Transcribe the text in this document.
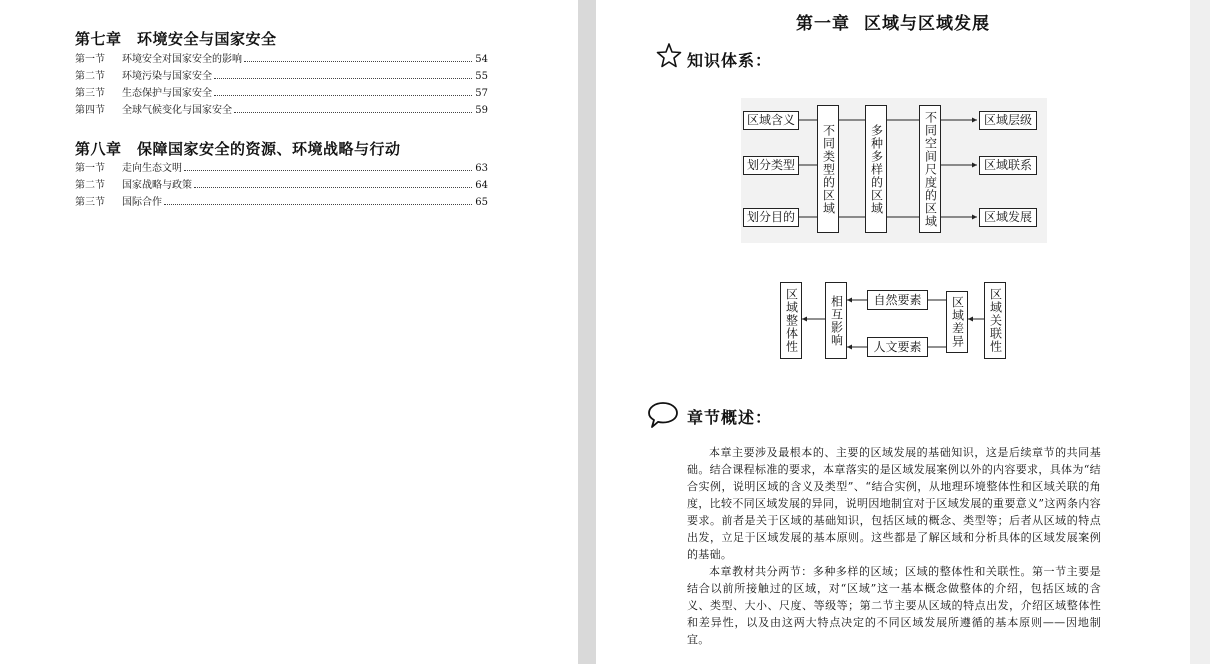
第七章　环境安全与国家安全
第一节	环境安全对国家安全的影响	54
第二节	环境污染与国家安全	55
第三节	生态保护与国家安全	57
第四节	全球气候变化与国家安全	59
第八章　保障国家安全的资源、环境战略与行动
第一节	走向生态文明	63
第二节	国家战略与政策	64
第三节	国际合作	65
第一章 区域与区域发展
知识体系：
区域含义
划分类型
划分目的
不同类型的区域	多种多样的区域	不同空间尺度的区域	区域层级
区域联系
区域发展
区域整体性	相互影响	自然要素
人文要素	区域差异	区域关联性
章节概述：

本章主要涉及最根本的、主要的区域发展的基础知识，这是后续章节的共同基础。结合课程标准的要求，本章落实的是区域发展案例以外的内容要求，具体为“结合实例，说明区域的含义及类型”、“结合实例，从地理环境整体性和区域关联的角度，比较不同区域发展的异同，说明因地制宜对于区域发展的重要意义”这两条内容要求。前者是关于区域的基础知识，包括区域的概念、类型等；后者从区域的特点出发，立足于区域发展的基本原则。这些都是了解区域和分析具体的区域发展案例的基础。

本章教材共分两节：多种多样的区域；区域的整体性和关联性。第一节主要是结合以前所接触过的区域，对“区域”这一基本概念做整体的介绍，包括区域的含义、类型、大小、尺度、等级等；第二节主要从区域的特点出发，介绍区域整体性和差异性，以及由这两大特点决定的不同区域发展所遵循的基本原则——因地制宜。
